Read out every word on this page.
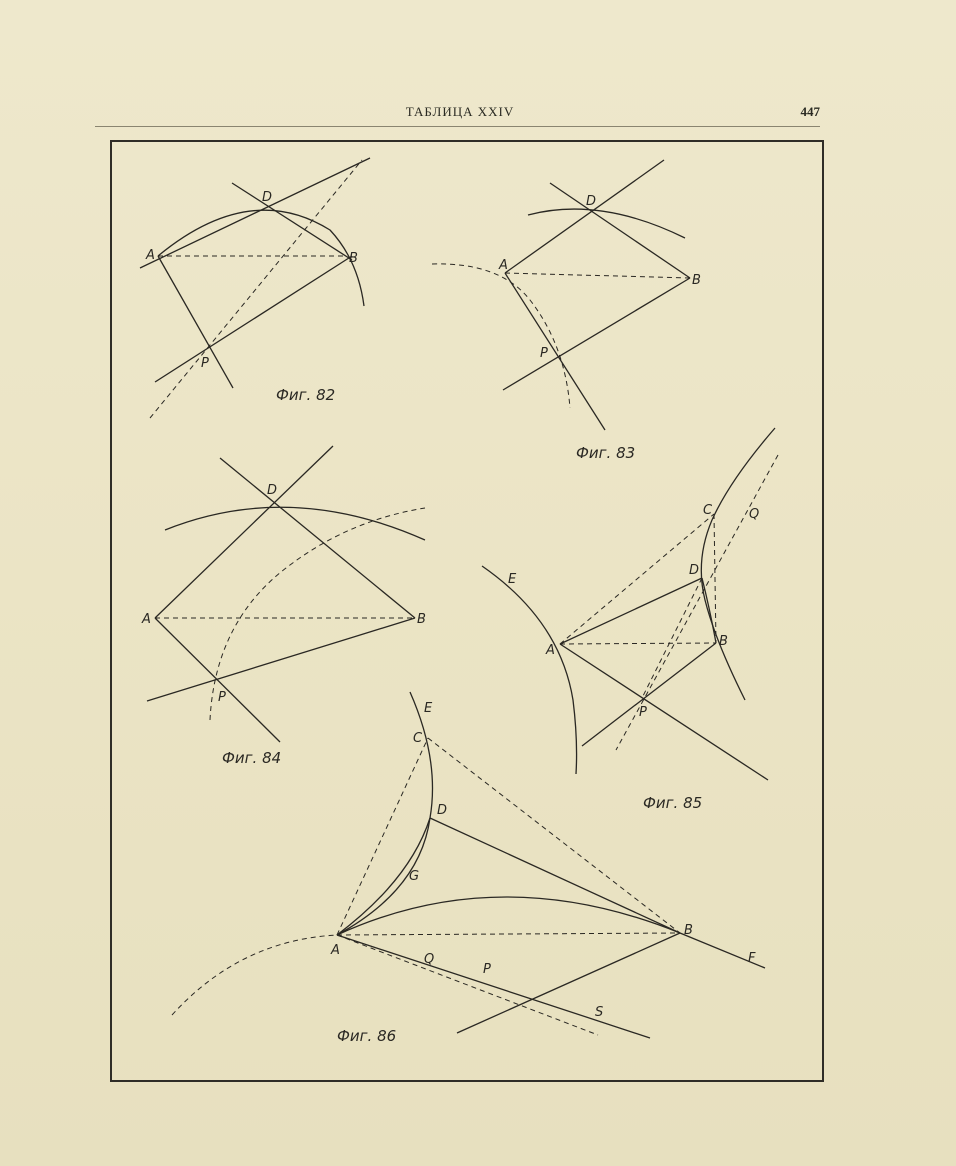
ТАБЛИЦА XXIV	447
A	B
D
P
Фиг. 82
A
B
D
P
Фиг. 83
A	B
D
P
Фиг. 84
E
A
B
C
D
P
Q
Фиг. 85
E
C
D
G
A
B
F
Q
P
S
Фиг. 86
